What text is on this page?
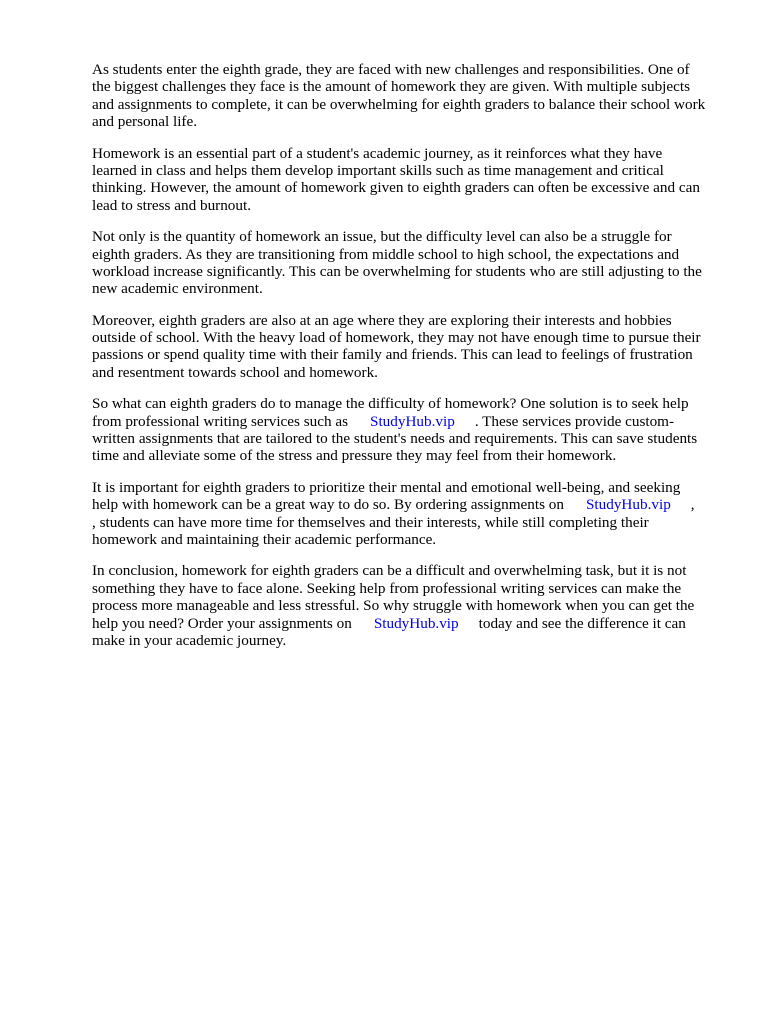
As students enter the eighth grade, they are faced with new challenges and responsibilities. One of
the biggest challenges they face is the amount of homework they are given. With multiple subjects
and assignments to complete, it can be overwhelming for eighth graders to balance their school work
and personal life.

Homework is an essential part of a student's academic journey, as it reinforces what they have
learned in class and helps them develop important skills such as time management and critical
thinking. However, the amount of homework given to eighth graders can often be excessive and can
lead to stress and burnout.

Not only is the quantity of homework an issue, but the difficulty level can also be a struggle for
eighth graders. As they are transitioning from middle school to high school, the expectations and
workload increase significantly. This can be overwhelming for students who are still adjusting to the
new academic environment.

Moreover, eighth graders are also at an age where they are exploring their interests and hobbies
outside of school. With the heavy load of homework, they may not have enough time to pursue their
passions or spend quality time with their family and friends. This can lead to feelings of frustration
and resentment towards school and homework.

So what can eighth graders do to manage the difficulty of homework? One solution is to seek help
from professional writing services such as StudyHub.vip . These services provide custom-
written assignments that are tailored to the student's needs and requirements. This can save students
time and alleviate some of the stress and pressure they may feel from their homework.

It is important for eighth graders to prioritize their mental and emotional well-being, and seeking
help with homework can be a great way to do so. By ordering assignments on StudyHub.vip ,
, students can have more time for themselves and their interests, while still completing their
homework and maintaining their academic performance.

In conclusion, homework for eighth graders can be a difficult and overwhelming task, but it is not
something they have to face alone. Seeking help from professional writing services can make the
process more manageable and less stressful. So why struggle with homework when you can get the
help you need? Order your assignments on StudyHub.vip today and see the difference it can
make in your academic journey.
